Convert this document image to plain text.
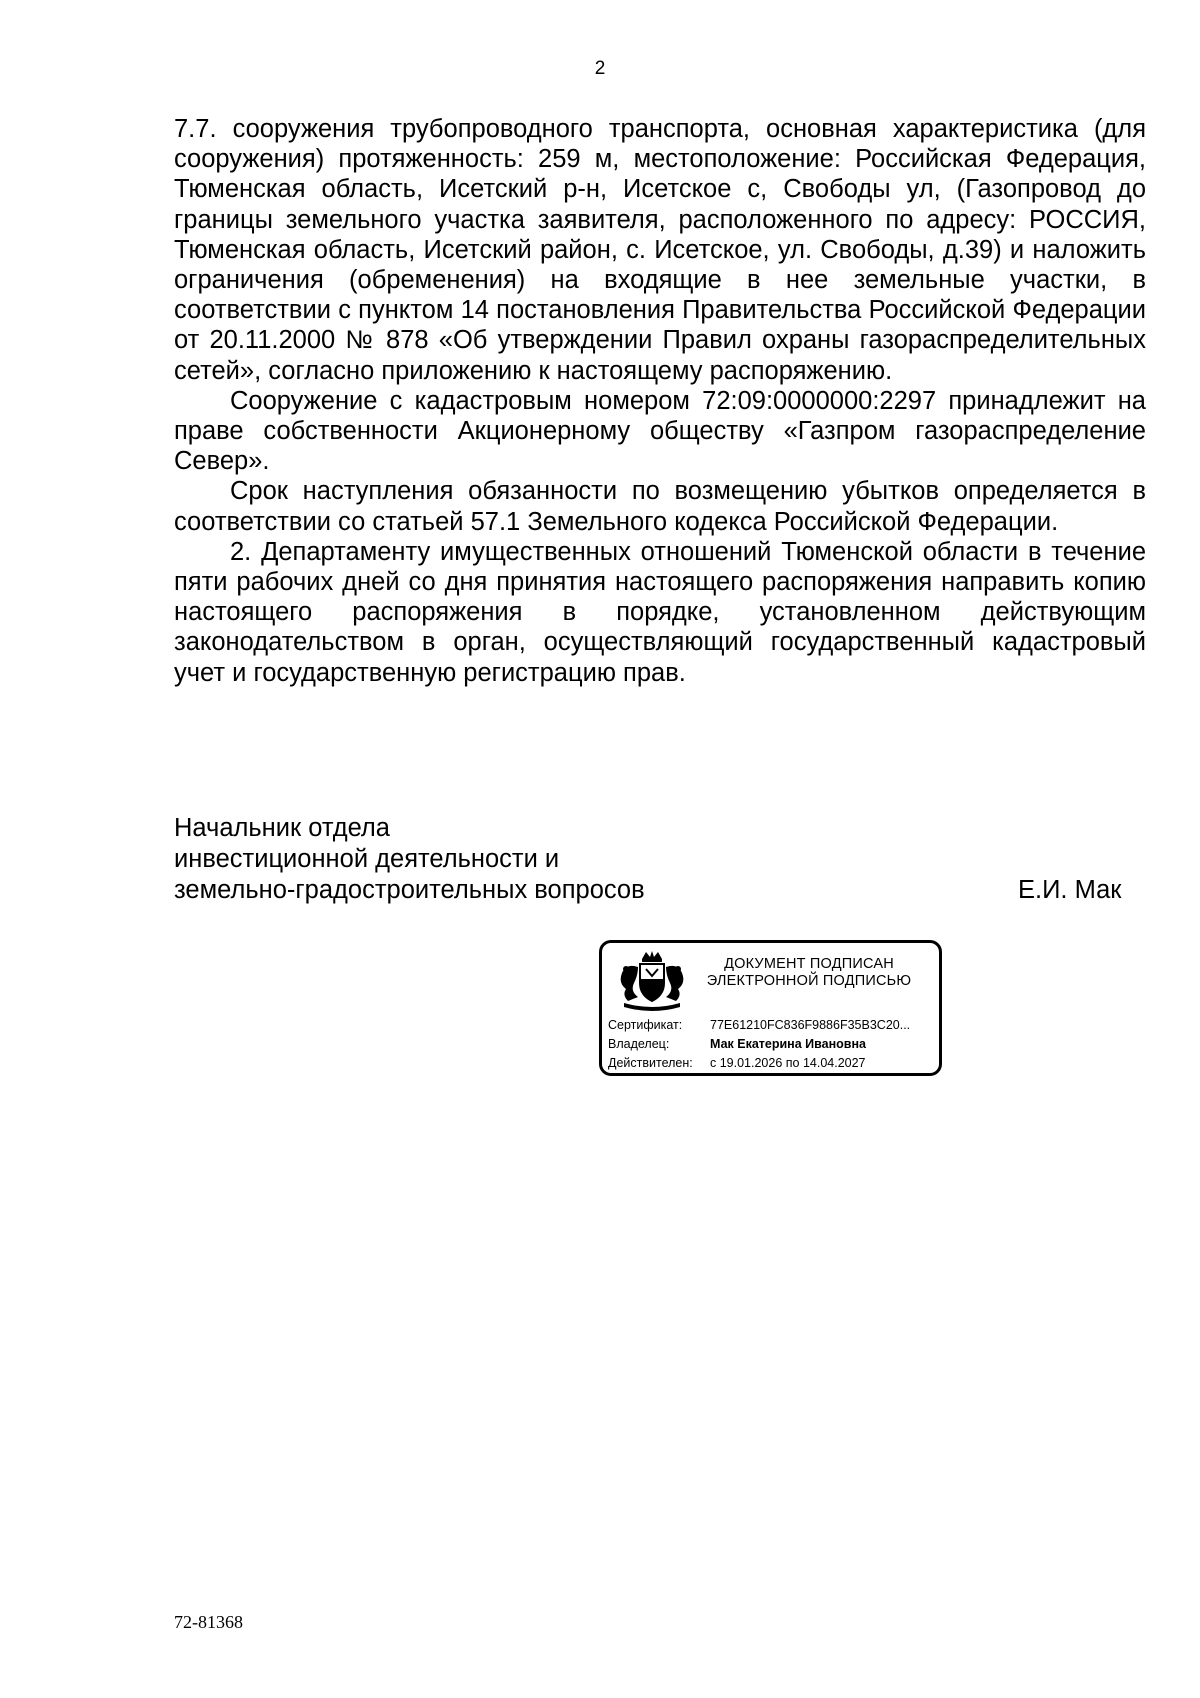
2

7.7. сооружения трубопроводного транспорта, основная характеристика (для сооружения) протяженность: 259 м, местоположение: Российская Федерация, Тюменская область, Исетский р-н, Исетское с, Свободы ул, (Газопровод до границы земельного участка заявителя, расположенного по адресу: РОССИЯ, Тюменская область, Исетский район, с. Исетское, ул. Свободы, д.39) и наложить ограничения (обременения) на входящие в нее земельные участки, в соответствии с пунктом 14 постановления Правительства Российской Федерации от 20.11.2000 № 878 «Об утверждении Правил охраны газораспределительных сетей», согласно приложению к настоящему распоряжению.

Сооружение с кадастровым номером 72:09:0000000:2297 принадлежит на праве собственности Акционерному обществу «Газпром газораспределение Север».

Срок наступления обязанности по возмещению убытков определяется в соответствии со статьей 57.1 Земельного кодекса Российской Федерации.

2. Департаменту имущественных отношений Тюменской области в течение пяти рабочих дней со дня принятия настоящего распоряжения направить копию настоящего распоряжения в порядке, установленном действующим законодательством в орган, осуществляющий государственный кадастровый учет и государственную регистрацию прав.

Начальник отдела
инвестиционной деятельности и
земельно-градостроительных вопросов	Е.И. Мак
ДОКУМЕНТ ПОДПИСАН
ЭЛЕКТРОННОЙ ПОДПИСЬЮ
Сертификат: 77E61210FC836F9886F35B3C20...
Владелец:	Мак Екатерина Ивановна
Действителен: с 19.01.2026 по 14.04.2027
72-81368
